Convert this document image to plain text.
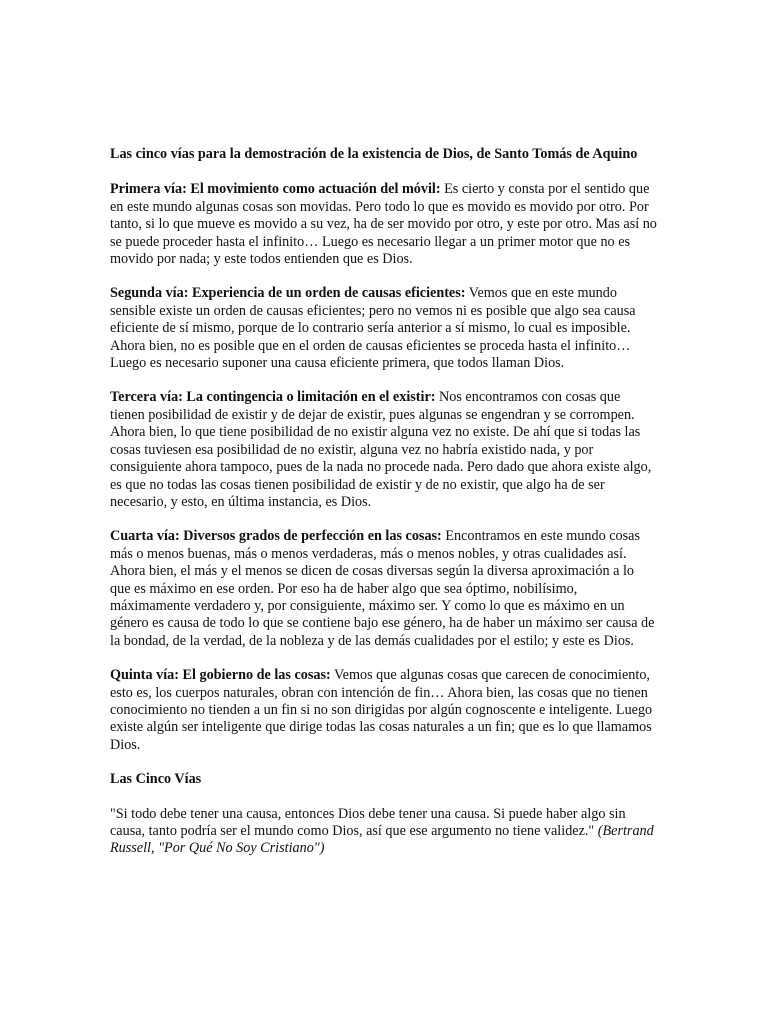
Las cinco vías para la demostración de la existencia de Dios, de Santo Tomás de Aquino

Primera vía: El movimiento como actuación del móvil: Es cierto y consta por el sentido que en este mundo algunas cosas son movidas. Pero todo lo que es movido es movido por otro. Por tanto, si lo que mueve es movido a su vez, ha de ser movido por otro, y este por otro. Mas así no se puede proceder hasta el infinito… Luego es necesario llegar a un primer motor que no es movido por nada; y este todos entienden que es Dios.

Segunda vía: Experiencia de un orden de causas eficientes: Vemos que en este mundo sensible existe un orden de causas eficientes; pero no vemos ni es posible que algo sea causa eficiente de sí mismo, porque de lo contrario sería anterior a sí mismo, lo cual es imposible. Ahora bien, no es posible que en el orden de causas eficientes se proceda hasta el infinito… Luego es necesario suponer una causa eficiente primera, que todos llaman Dios.

Tercera vía: La contingencia o limitación en el existir: Nos encontramos con cosas que tienen posibilidad de existir y de dejar de existir, pues algunas se engendran y se corrompen. Ahora bien, lo que tiene posibilidad de no existir alguna vez no existe. De ahí que si todas las cosas tuviesen esa posibilidad de no existir, alguna vez no habría existido nada, y por consiguiente ahora tampoco, pues de la nada no procede nada. Pero dado que ahora existe algo, es que no todas las cosas tienen posibilidad de existir y de no existir, que algo ha de ser necesario, y esto, en última instancia, es Dios.

Cuarta vía: Diversos grados de perfección en las cosas: Encontramos en este mundo cosas más o menos buenas, más o menos verdaderas, más o menos nobles, y otras cualidades así. Ahora bien, el más y el menos se dicen de cosas diversas según la diversa aproximación a lo que es máximo en ese orden. Por eso ha de haber algo que sea óptimo, nobilísimo, máximamente verdadero y, por consiguiente, máximo ser. Y como lo que es máximo en un género es causa de todo lo que se contiene bajo ese género, ha de haber un máximo ser causa de la bondad, de la verdad, de la nobleza y de las demás cualidades por el estilo; y este es Dios.

Quinta vía: El gobierno de las cosas: Vemos que algunas cosas que carecen de conocimiento, esto es, los cuerpos naturales, obran con intención de fin… Ahora bien, las cosas que no tienen conocimiento no tienden a un fin si no son dirigidas por algún cognoscente e inteligente. Luego existe algún ser inteligente que dirige todas las cosas naturales a un fin; que es lo que llamamos Dios.

Las Cinco Vías

"Si todo debe tener una causa, entonces Dios debe tener una causa. Si puede haber algo sin causa, tanto podría ser el mundo como Dios, así que ese argumento no tiene validez." (Bertrand Russell, "Por Qué No Soy Cristiano")
